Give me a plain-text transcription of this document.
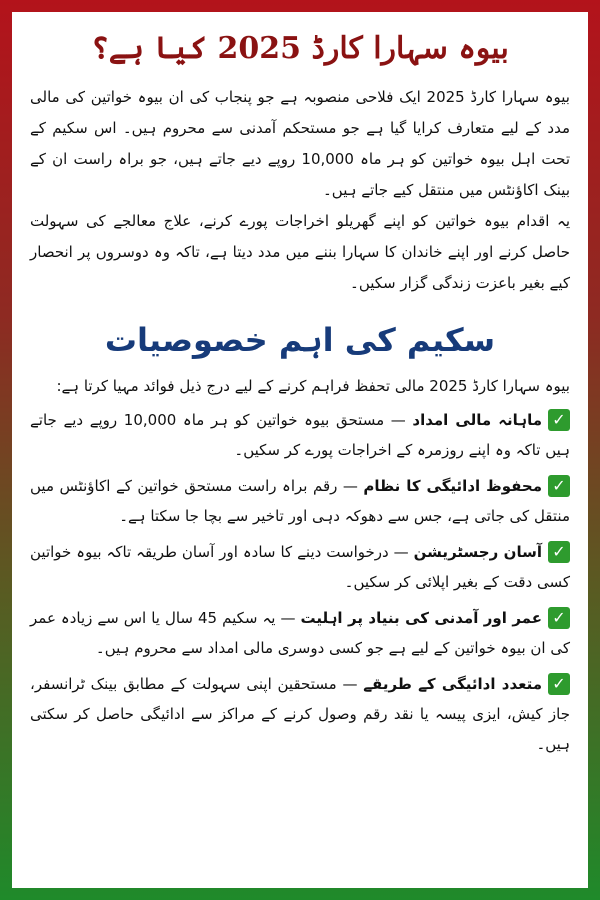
بیوہ سہارا کارڈ 2025 کیا ہے؟

بیوہ سہارا کارڈ 2025 ایک فلاحی منصوبہ ہے جو پنجاب کی ان بیوہ خواتین کی مالی مدد کے لیے متعارف کرایا گیا ہے جو مستحکم آمدنی سے محروم ہیں۔ اس سکیم کے تحت اہل بیوہ خواتین کو ہر ماہ 10,000 روپے دیے جاتے ہیں، جو براہ راست ان کے بینک اکاؤنٹس میں منتقل کیے جاتے ہیں۔

یہ اقدام بیوہ خواتین کو اپنے گھریلو اخراجات پورے کرنے، علاج معالجے کی سہولت حاصل کرنے اور اپنے خاندان کا سہارا بننے میں مدد دیتا ہے، تاکہ وہ دوسروں پر انحصار کیے بغیر باعزت زندگی گزار سکیں۔

سکیم کی اہم خصوصیات

بیوہ سہارا کارڈ 2025 مالی تحفظ فراہم کرنے کے لیے درج ذیل فوائد مہیا کرتا ہے:

✓ماہانہ مالی امداد — مستحق بیوہ خواتین کو ہر ماہ 10,000 روپے دیے جاتے ہیں تاکہ وہ اپنے روزمرہ کے اخراجات پورے کر سکیں۔
✓محفوظ ادائیگی کا نظام — رقم براہ راست مستحق خواتین کے اکاؤنٹس میں منتقل کی جاتی ہے، جس سے دھوکہ دہی اور تاخیر سے بچا جا سکتا ہے۔
✓آسان رجسٹریشن — درخواست دینے کا سادہ اور آسان طریقہ تاکہ بیوہ خواتین کسی دقت کے بغیر اپلائی کر سکیں۔
✓عمر اور آمدنی کی بنیاد پر اہلیت — یہ سکیم 45 سال یا اس سے زیادہ عمر کی ان بیوہ خواتین کے لیے ہے جو کسی دوسری مالی امداد سے محروم ہیں۔
✓متعدد ادائیگی کے طریقے — مستحقین اپنی سہولت کے مطابق بینک ٹرانسفر، جاز کیش، ایزی پیسہ یا نقد رقم وصول کرنے کے مراکز سے ادائیگی حاصل کر سکتی ہیں۔
